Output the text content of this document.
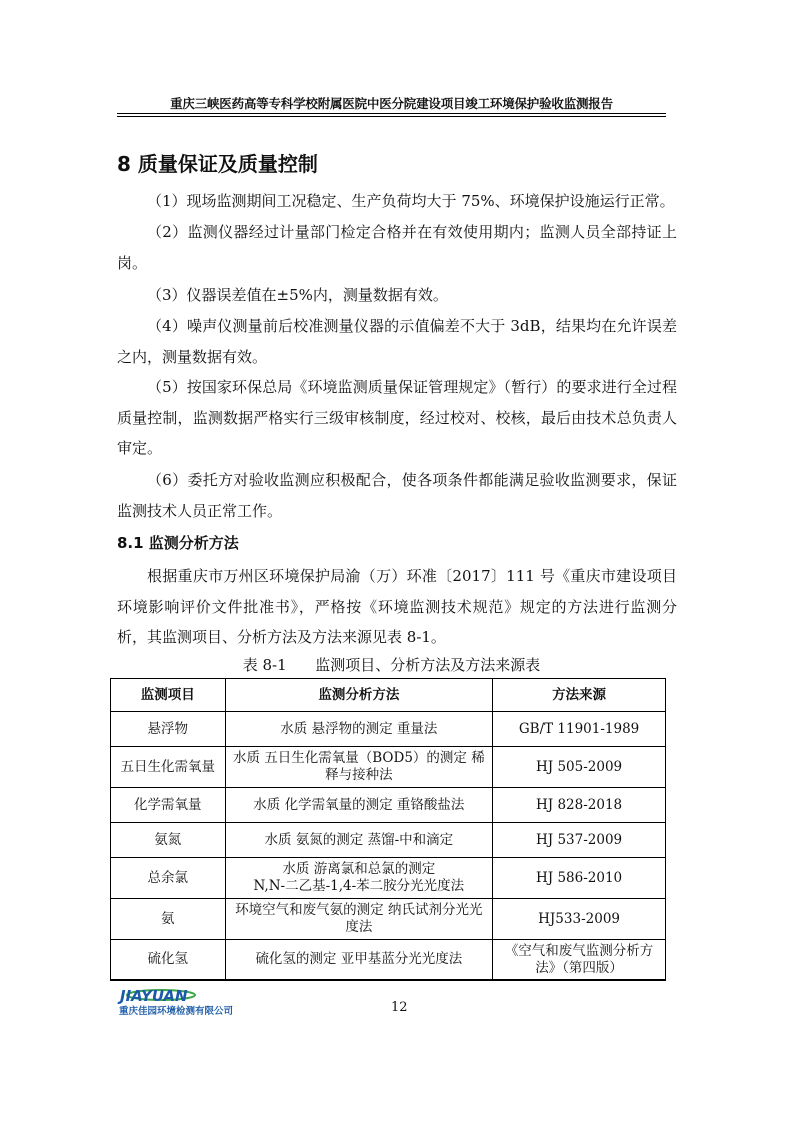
重庆三峡医药高等专科学校附属医院中医分院建设项目竣工环境保护验收监测报告
8 质量保证及质量控制

（1）现场监测期间工况稳定、生产负荷均大于 75%、环境保护设施运行正常。

（2）监测仪器经过计量部门检定合格并在有效使用期内；监测人员全部持证上岗。

（3）仪器误差值在±5%内，测量数据有效。

（4）噪声仪测量前后校准测量仪器的示值偏差不大于 3dB，结果均在允许误差之内，测量数据有效。

（5）按国家环保总局《环境监测质量保证管理规定》（暂行）的要求进行全过程质量控制，监测数据严格实行三级审核制度，经过校对、校核，最后由技术总负责人审定。

（6）委托方对验收监测应积极配合，使各项条件都能满足验收监测要求，保证监测技术人员正常工作。

8.1 监测分析方法

根据重庆市万州区环境保护局渝（万）环准〔2017〕111 号《重庆市建设项目环境影响评价文件批准书》，严格按《环境监测技术规范》规定的方法进行监测分析，其监测项目、分析方法及方法来源见表 8-1。

表 8-1      监测项目、分析方法及方法来源表
监测项目	监测分析方法	方法来源
悬浮物	水质 悬浮物的测定 重量法	GB/T 11901-1989
五日生化需氧量	水质 五日生化需氧量（BOD5）的测定 稀释与接种法	HJ 505-2009
化学需氧量	水质 化学需氧量的测定 重铬酸盐法	HJ 828-2018
氨氮	水质 氨氮的测定 蒸馏-中和滴定	HJ 537-2009
总余氯	水质 游离氯和总氯的测定
N,N-二乙基-1,4-苯二胺分光光度法	HJ 586-2010
氨	环境空气和废气氨的测定 纳氏试剂分光光度法	HJ533-2009
硫化氢	硫化氢的测定 亚甲基蓝分光光度法	《空气和废气监测分析方法》（第四版）
JIAYUAN
重庆佳园环境检测有限公司	12
